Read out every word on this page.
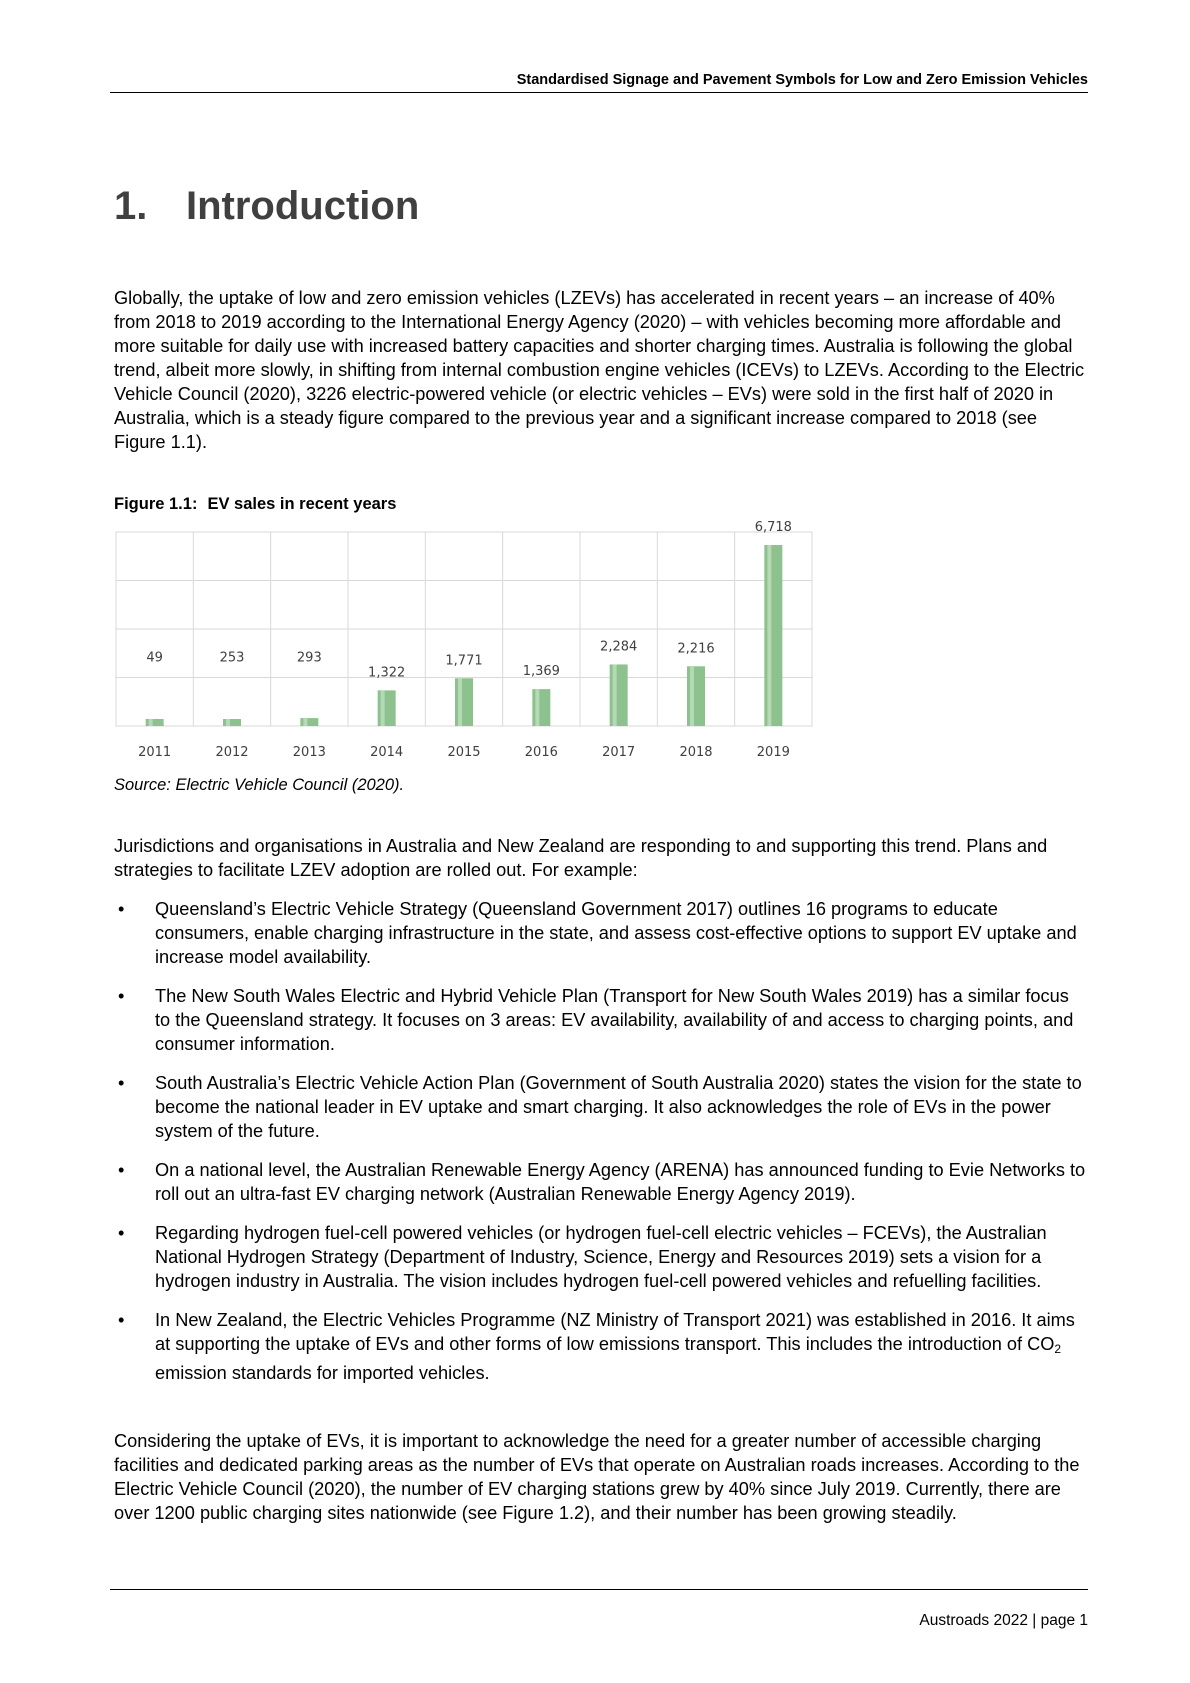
Standardised Signage and Pavement Symbols for Low and Zero Emission Vehicles
1. Introduction
Globally, the uptake of low and zero emission vehicles (LZEVs) has accelerated in recent years – an increase of 40% from 2018 to 2019 according to the International Energy Agency (2020) – with vehicles becoming more affordable and more suitable for daily use with increased battery capacities and shorter charging times. Australia is following the global trend, albeit more slowly, in shifting from internal combustion engine vehicles (ICEVs) to LZEVs. According to the Electric Vehicle Council (2020), 3226 electric-powered vehicle (or electric vehicles – EVs) were sold in the first half of 2020 in Australia, which is a steady figure compared to the previous year and a significant increase compared to 2018 (see Figure 1.1).
Figure 1.1: EV sales in recent years
49
2011
253
2012
293
2013
1,322
2014
1,771
2015
1,369
2016
2,284
2017
2,216
2018
6,718
2019
Source: Electric Vehicle Council (2020).
Jurisdictions and organisations in Australia and New Zealand are responding to and supporting this trend. Plans and strategies to facilitate LZEV adoption are rolled out. For example:
• Queensland’s Electric Vehicle Strategy (Queensland Government 2017) outlines 16 programs to educate consumers, enable charging infrastructure in the state, and assess cost-effective options to support EV uptake and increase model availability.
• The New South Wales Electric and Hybrid Vehicle Plan (Transport for New South Wales 2019) has a similar focus to the Queensland strategy. It focuses on 3 areas: EV availability, availability of and access to charging points, and consumer information.
• South Australia’s Electric Vehicle Action Plan (Government of South Australia 2020) states the vision for the state to become the national leader in EV uptake and smart charging. It also acknowledges the role of EVs in the power system of the future.
• On a national level, the Australian Renewable Energy Agency (ARENA) has announced funding to Evie Networks to roll out an ultra-fast EV charging network (Australian Renewable Energy Agency 2019).
• Regarding hydrogen fuel-cell powered vehicles (or hydrogen fuel-cell electric vehicles – FCEVs), the Australian National Hydrogen Strategy (Department of Industry, Science, Energy and Resources 2019) sets a vision for a hydrogen industry in Australia. The vision includes hydrogen fuel-cell powered vehicles and refuelling facilities.
• In New Zealand, the Electric Vehicles Programme (NZ Ministry of Transport 2021) was established in 2016. It aims at supporting the uptake of EVs and other forms of low emissions transport. This includes the introduction of $CO_2$ emission standards for imported vehicles.
Considering the uptake of EVs, it is important to acknowledge the need for a greater number of accessible charging facilities and dedicated parking areas as the number of EVs that operate on Australian roads increases. According to the Electric Vehicle Council (2020), the number of EV charging stations grew by 40% since July 2019. Currently, there are over 1200 public charging sites nationwide (see Figure 1.2), and their number has been growing steadily.
Austroads 2022 | page 1
